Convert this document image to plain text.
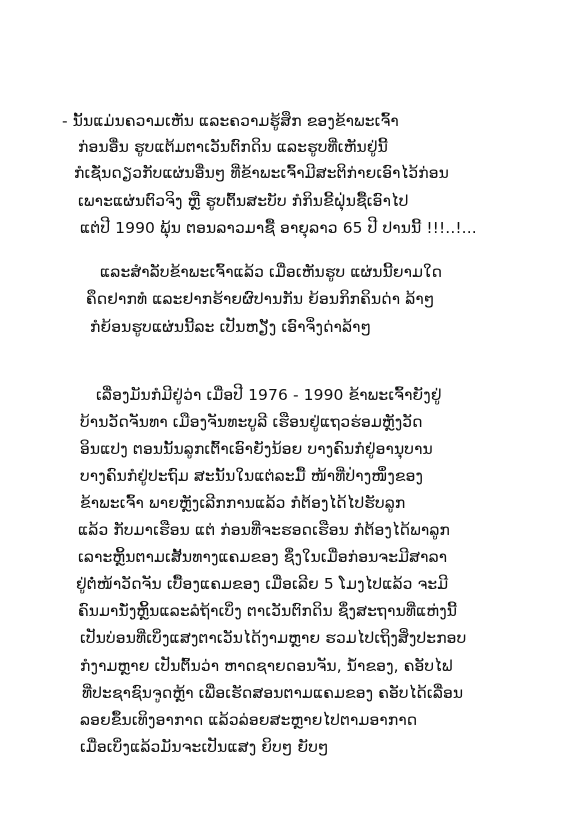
- ນັ້ນແມ່ນຄວາມເຫັນ ແລະຄວາມຮູ້ສຶກ ຂອງຂ້າພະເຈົ້າ
ກ່ອນອື່ນ ຮູບແຕ້ມຕາເວັນຕົກດິນ ແລະຮູບທີ່ເຫັນຢູ່ນີ້
ກໍເຊັ່ນດຽວກັບແຜ່ນອື່ນໆ ທີ່ຂ້າພະເຈົ້າມີສະຕິກ່າຍເອົາໄວ້ກ່ອນ
ເພາະແຜ່ນຕົວຈິງ ຫຼື ຮູບຕົ້ນສະບັບ ກໍກິນຂີ້ຝຸ່ນຊື້ເອົາໄປ
ແຕ່ປີ 1990 ພຸ້ນ ຕອນລາວມາຊື້ ອາຍຸລາວ 65 ປີ ປານນີ້ !!!..!...
ແລະສຳລັບຂ້າພະເຈົ້າແລ້ວ ເມື່ອເຫັນຮູບ ແຜ່ນນີ້ຍາມໃດ
ຄຶດຢາກທໍ ແລະຢາກຮ້າຍຜົປານກັນ ຍ້ອນກິກຄິນດ່າ ລ້າໆ
ກໍຍ້ອນຮູບແຜ່ນນີ້ລະ ເປັນຫຽັງ ເອົາຈິ່ງດ່າລ້າໆ
ເລື່ອງມັນກໍມີຢູ່ວ່າ ເມື່ອປີ 1976 - 1990 ຂ້າພະເຈົ້າຍັງຢູ່
ບ້ານວັດຈັນທາ ເມືອງຈັນທະບູລີ ເຮືອນຢູ່ແຖວຮ່ອມຫຼັງວັດ
ອິນແປງ ຕອນນັ້ນລູກເຕົ້າເອົາຍັງນ້ອຍ ບາງຄົນກໍຢູ່ອານຸບານ
ບາງຄົນກໍຢູ່ປະຖົມ ສະນັ້ນໃນແຕ່ລະມື້ ໜ້າທີ່ປ່າງໜຶ່ງຂອງ
ຂ້າພະເຈົ້າ ພາຍຫຼັງເລີກການແລ້ວ ກໍຕ້ອງໄດ້ໄປຮັບລູກ
ແລ້ວ ກັບມາເຮືອນ ແຕ່ ກ່ອນທີ່ຈະຮອດເຮືອນ ກໍຕ້ອງໄດ້ພາລູກ
ເລາະຫຼິ້ນຕາມເສັ້ນທາງແຄມຂອງ ຊຶ່ງໃນເມື່ອກ່ອນຈະມີສາລາ
ຢູ່ຕໍ່ໜ້າວັດຈັນ ເບື້ອງແຄມຂອງ ເມື່ອເລີຍ 5 ໂມງໄປແລ້ວ ຈະມີ
ຄົນມານັ່ງຫຼິ້ນແລະລໍຖ້າເບິ່ງ ຕາເວັນຕົກດິນ ຊຶ່ງສະຖານທີ່ແຫ່ງນີ້
ເປັນບ່ອນທີ່ເບິ່ງແສງຕາເວັນໄດ້ງາມຫຼາຍ ຮວມໄປເຖິງສິ່ງປະກອບ
ກໍງາມຫຼາຍ ເປັນຕົ້ນວ່າ ຫາດຊາຍດອນຈັນ, ນ້ຳຂອງ, ຄອັບໄຟ
ທີ່ປະຊາຊົນຈູດຫຼ້າ ເພື່ອເຮັດສອນຕາມແຄມຂອງ ຄອັບໄດ້ເລື່ອນ
ລອຍຂຶ້ນເທິງອາກາດ ແລ້ວລ່ອຍສະຫຼາຍໄປຕາມອາກາດ
ເມື່ອເບິ່ງແລ້ວມັນຈະເປັນແສງ ຍິບໆ ຍັບໆ
